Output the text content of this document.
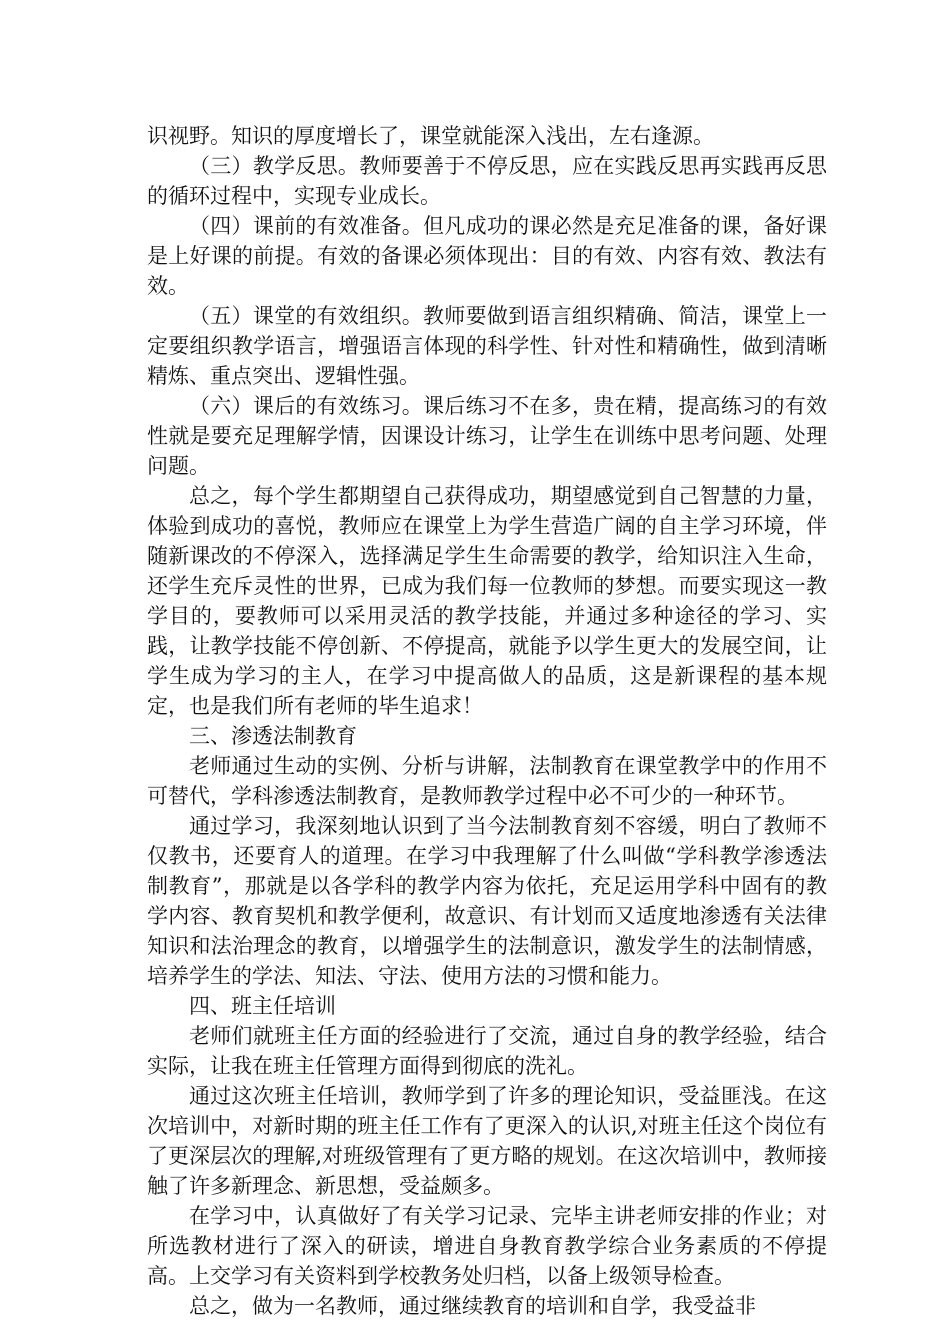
识视野。知识的厚度增长了，课堂就能深入浅出，左右逢源。

（三）教学反思。教师要善于不停反思，应在实践反思再实践再反思的循环过程中，实现专业成长。

（四）课前的有效准备。但凡成功的课必然是充足准备的课，备好课是上好课的前提。有效的备课必须体现出：目的有效、内容有效、教法有效。

（五）课堂的有效组织。教师要做到语言组织精确、简洁，课堂上一定要组织教学语言，增强语言体现的科学性、针对性和精确性，做到清晰精炼、重点突出、逻辑性强。

（六）课后的有效练习。课后练习不在多，贵在精，提高练习的有效性就是要充足理解学情，因课设计练习，让学生在训练中思考问题、处理问题。

总之，每个学生都期望自己获得成功，期望感觉到自己智慧的力量，体验到成功的喜悦，教师应在课堂上为学生营造广阔的自主学习环境，伴随新课改的不停深入，选择满足学生生命需要的教学，给知识注入生命，还学生充斥灵性的世界，已成为我们每一位教师的梦想。而要实现这一教学目的，要教师可以采用灵活的教学技能，并通过多种途径的学习、实践，让教学技能不停创新、不停提高，就能予以学生更大的发展空间，让学生成为学习的主人，在学习中提高做人的品质，这是新课程的基本规定，也是我们所有老师的毕生追求！

三、渗透法制教育

老师通过生动的实例、分析与讲解，法制教育在课堂教学中的作用不可替代，学科渗透法制教育，是教师教学过程中必不可少的一种环节。

通过学习，我深刻地认识到了当今法制教育刻不容缓，明白了教师不仅教书，还要育人的道理。在学习中我理解了什么叫做“学科教学渗透法制教育”，那就是以各学科的教学内容为依托，充足运用学科中固有的教学内容、教育契机和教学便利，故意识、有计划而又适度地渗透有关法律知识和法治理念的教育，以增强学生的法制意识，激发学生的法制情感，培养学生的学法、知法、守法、使用方法的习惯和能力。

四、班主任培训

老师们就班主任方面的经验进行了交流，通过自身的教学经验，结合实际，让我在班主任管理方面得到彻底的洗礼。

通过这次班主任培训，教师学到了许多的理论知识，受益匪浅。在这次培训中，对新时期的班主任工作有了更深入的认识,对班主任这个岗位有了更深层次的理解,对班级管理有了更方略的规划。在这次培训中，教师接触了许多新理念、新思想，受益颇多。

在学习中，认真做好了有关学习记录、完毕主讲老师安排的作业；对所选教材进行了深入的研读，增进自身教育教学综合业务素质的不停提高。上交学习有关资料到学校教务处归档，以备上级领导检查。

总之，做为一名教师，通过继续教育的培训和自学，我受益非
